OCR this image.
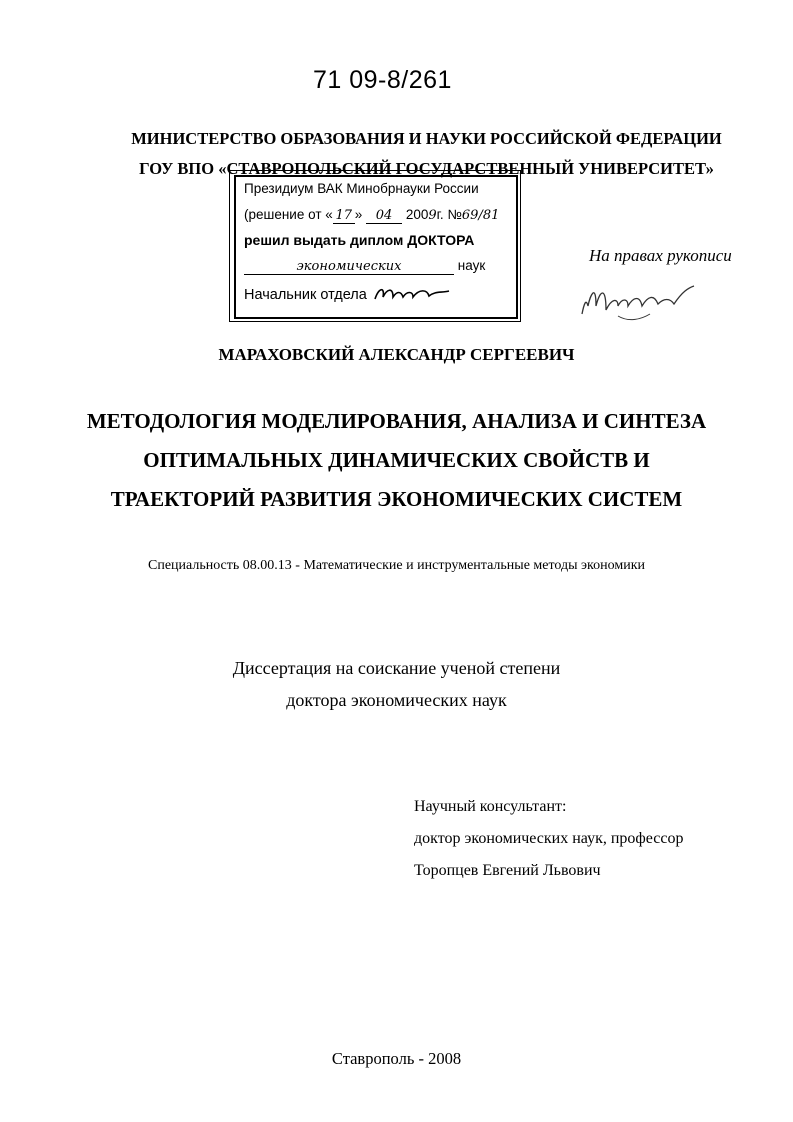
71 09-8/261
МИНИСТЕРСТВО ОБРАЗОВАНИЯ И НАУКИ РОССИЙСКОЙ ФЕДЕРАЦИИ
ГОУ ВПО «СТАВРОПОЛЬСКИЙ ГОСУДАРСТВЕННЫЙ УНИВЕРСИТЕТ»
Президиум ВАК Минобрнауки России
(решение от « 17 » 04 2009г. №69/81
решил выдать диплом ДОКТОРА
экономических	наук
Начальник отдела
На правах рукописи
МАРАХОВСКИЙ АЛЕКСАНДР СЕРГЕЕВИЧ
МЕТОДОЛОГИЯ МОДЕЛИРОВАНИЯ, АНАЛИЗА И СИНТЕЗА
ОПТИМАЛЬНЫХ ДИНАМИЧЕСКИХ СВОЙСТВ И
ТРАЕКТОРИЙ РАЗВИТИЯ ЭКОНОМИЧЕСКИХ СИСТЕМ
Специальность 08.00.13 - Математические и инструментальные методы экономики
Диссертация на соискание ученой степени
доктора экономических наук
Научный консультант:
доктор экономических наук, профессор
Торопцев Евгений Львович
Ставрополь - 2008
